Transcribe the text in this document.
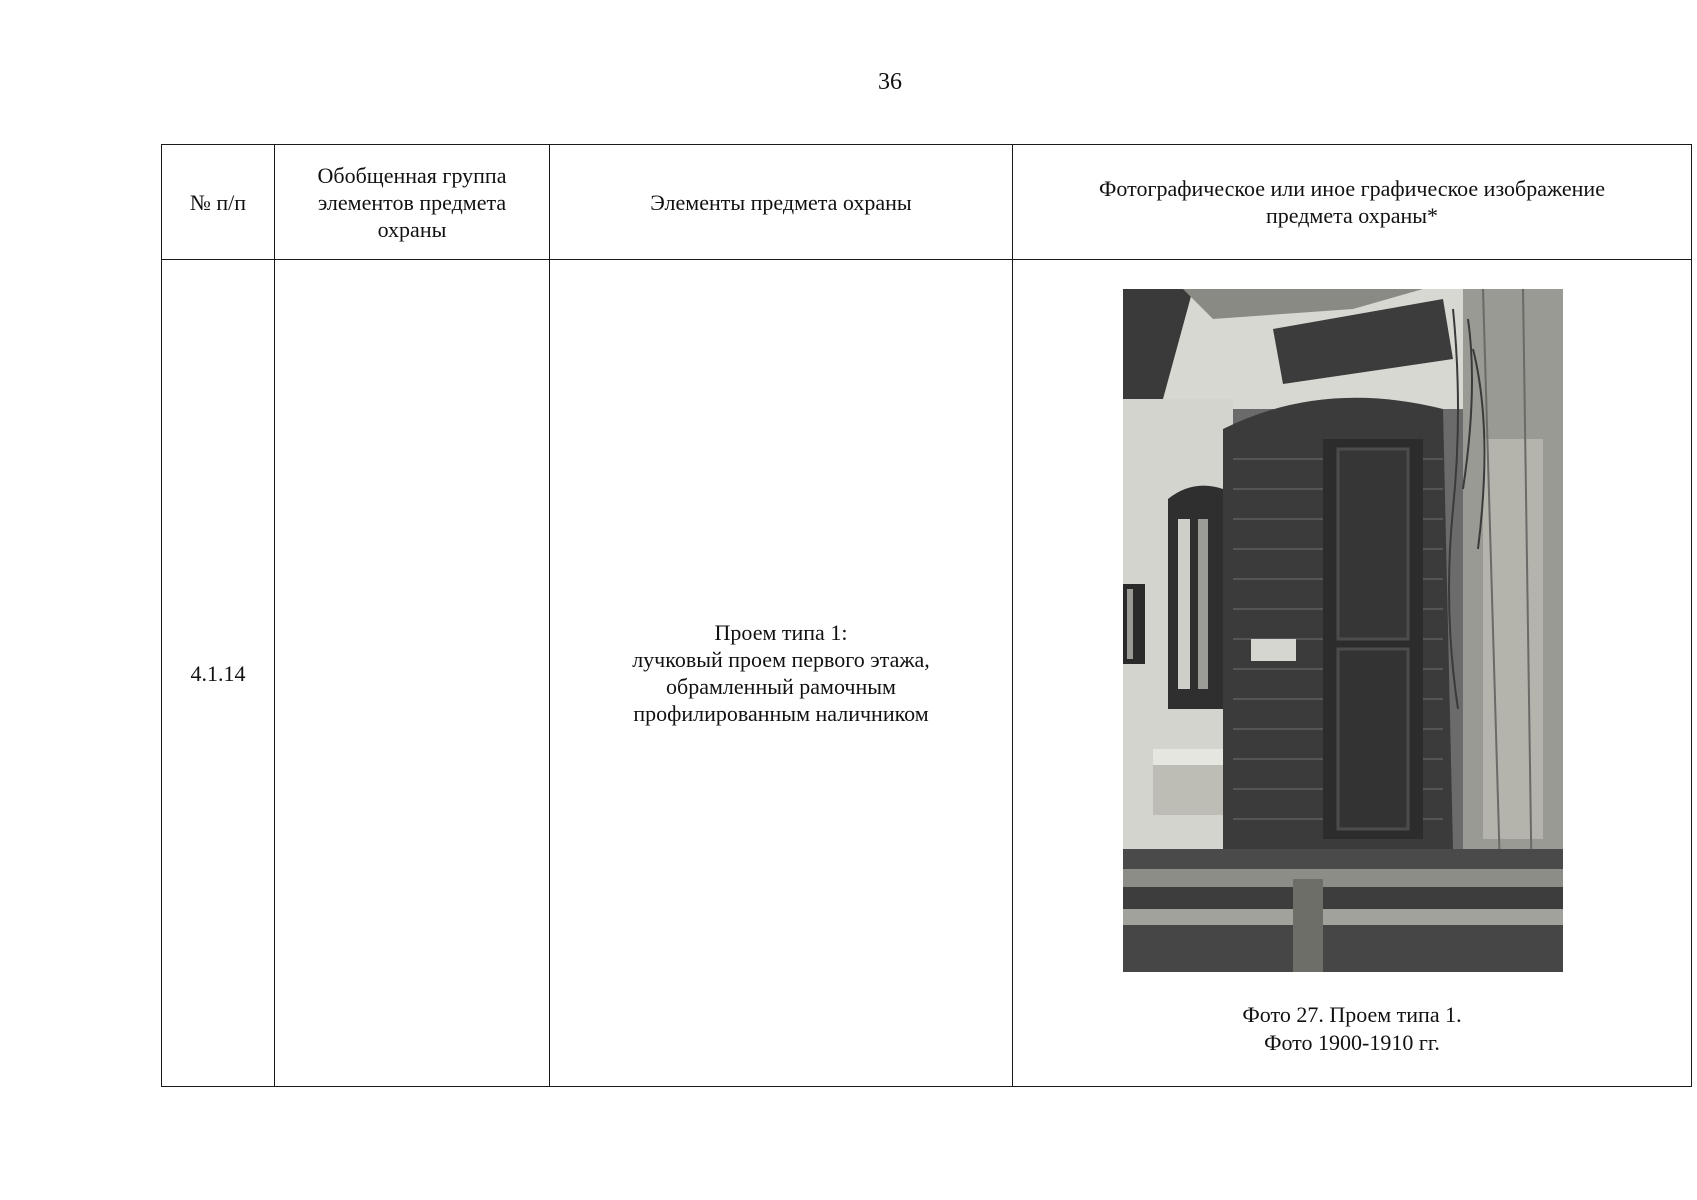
36
№ п/п	Обобщенная группа
элементов предмета
охраны	Элементы предмета охраны	Фотографическое или иное графическое изображение
предмета охраны*

4.1.14		Проем типа 1:
лучковый проем первого этажа,
обрамленный рамочным
профилированным наличником	Фото 27. Проем типа 1.
Фото 1900-1910 гг.
